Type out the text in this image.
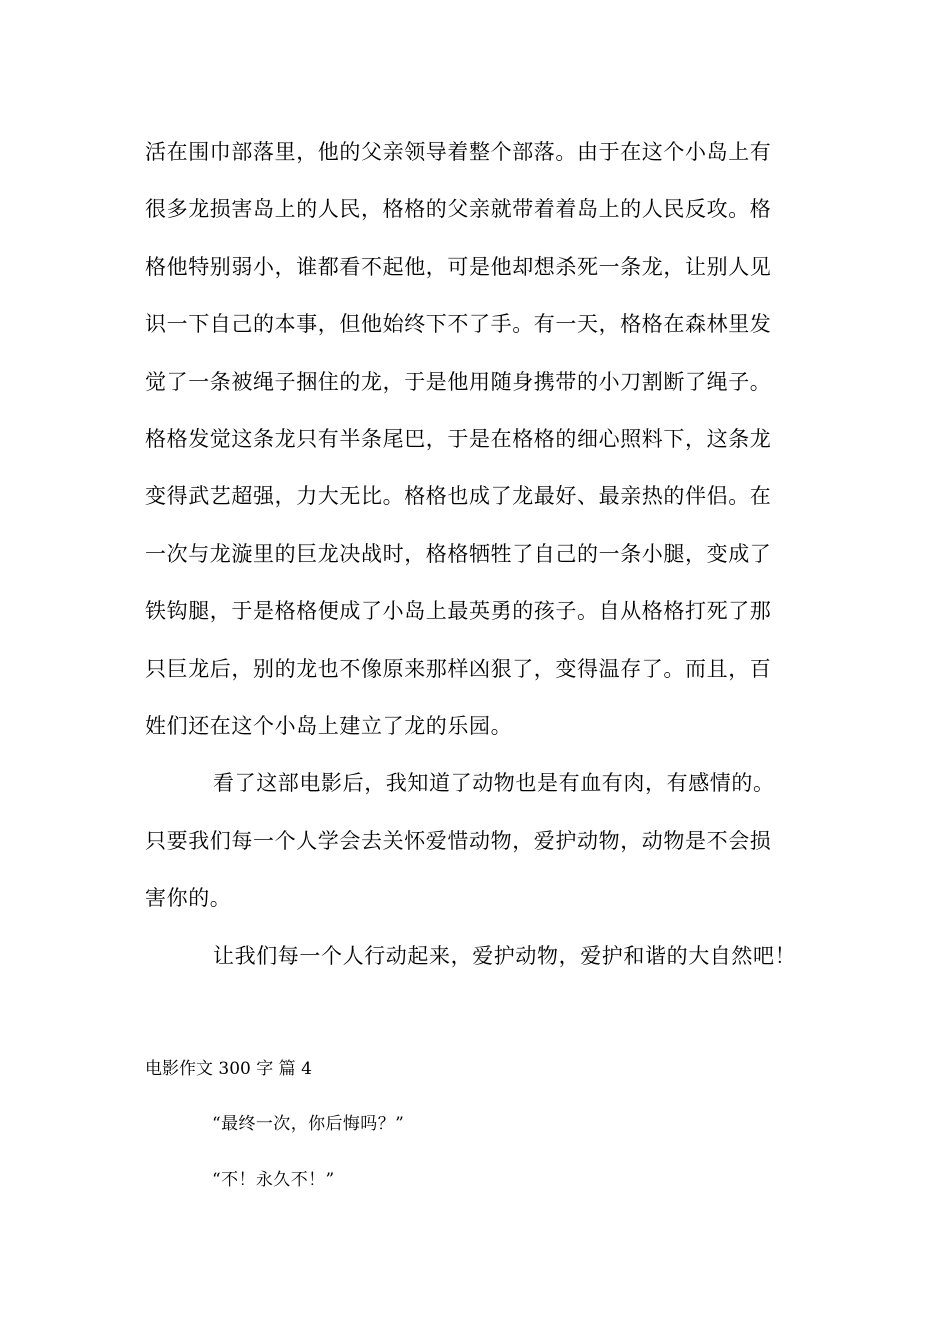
活在围巾部落里，他的父亲领导着整个部落。由于在这个小岛上有
很多龙损害岛上的人民，格格的父亲就带着着岛上的人民反攻。格
格他特别弱小，谁都看不起他，可是他却想杀死一条龙，让别人见
识一下自己的本事，但他始终下不了手。有一天，格格在森林里发
觉了一条被绳子捆住的龙，于是他用随身携带的小刀割断了绳子。
格格发觉这条龙只有半条尾巴，于是在格格的细心照料下，这条龙
变得武艺超强，力大无比。格格也成了龙最好、最亲热的伴侣。在
一次与龙漩里的巨龙决战时，格格牺牲了自己的一条小腿，变成了
铁钩腿，于是格格便成了小岛上最英勇的孩子。自从格格打死了那
只巨龙后，别的龙也不像原来那样凶狠了，变得温存了。而且，百
姓们还在这个小岛上建立了龙的乐园。
看了这部电影后，我知道了动物也是有血有肉，有感情的。
只要我们每一个人学会去关怀爱惜动物，爱护动物，动物是不会损
害你的。
让我们每一个人行动起来，爱护动物，爱护和谐的大自然吧！
电影作文 300 字 篇 4
“最终一次，你后悔吗？”
“不！永久不！”
